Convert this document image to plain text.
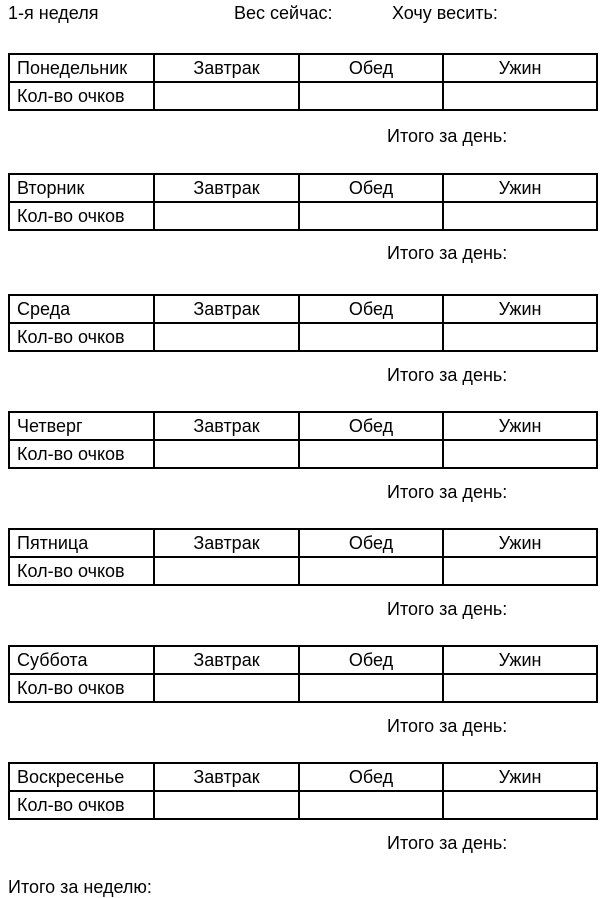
1-я неделя	Вес сейчас:	Хочу весить:
Понедельник	Завтрак	Обед	Ужин
Кол-во очков			
Итого за день:
Вторник	Завтрак	Обед	Ужин
Кол-во очков			
Итого за день:
Среда	Завтрак	Обед	Ужин
Кол-во очков			
Итого за день:
Четверг	Завтрак	Обед	Ужин
Кол-во очков			
Итого за день:
Пятница	Завтрак	Обед	Ужин
Кол-во очков			
Итого за день:
Суббота	Завтрак	Обед	Ужин
Кол-во очков			
Итого за день:
Воскресенье	Завтрак	Обед	Ужин
Кол-во очков			
Итого за день:
Итого за неделю:
